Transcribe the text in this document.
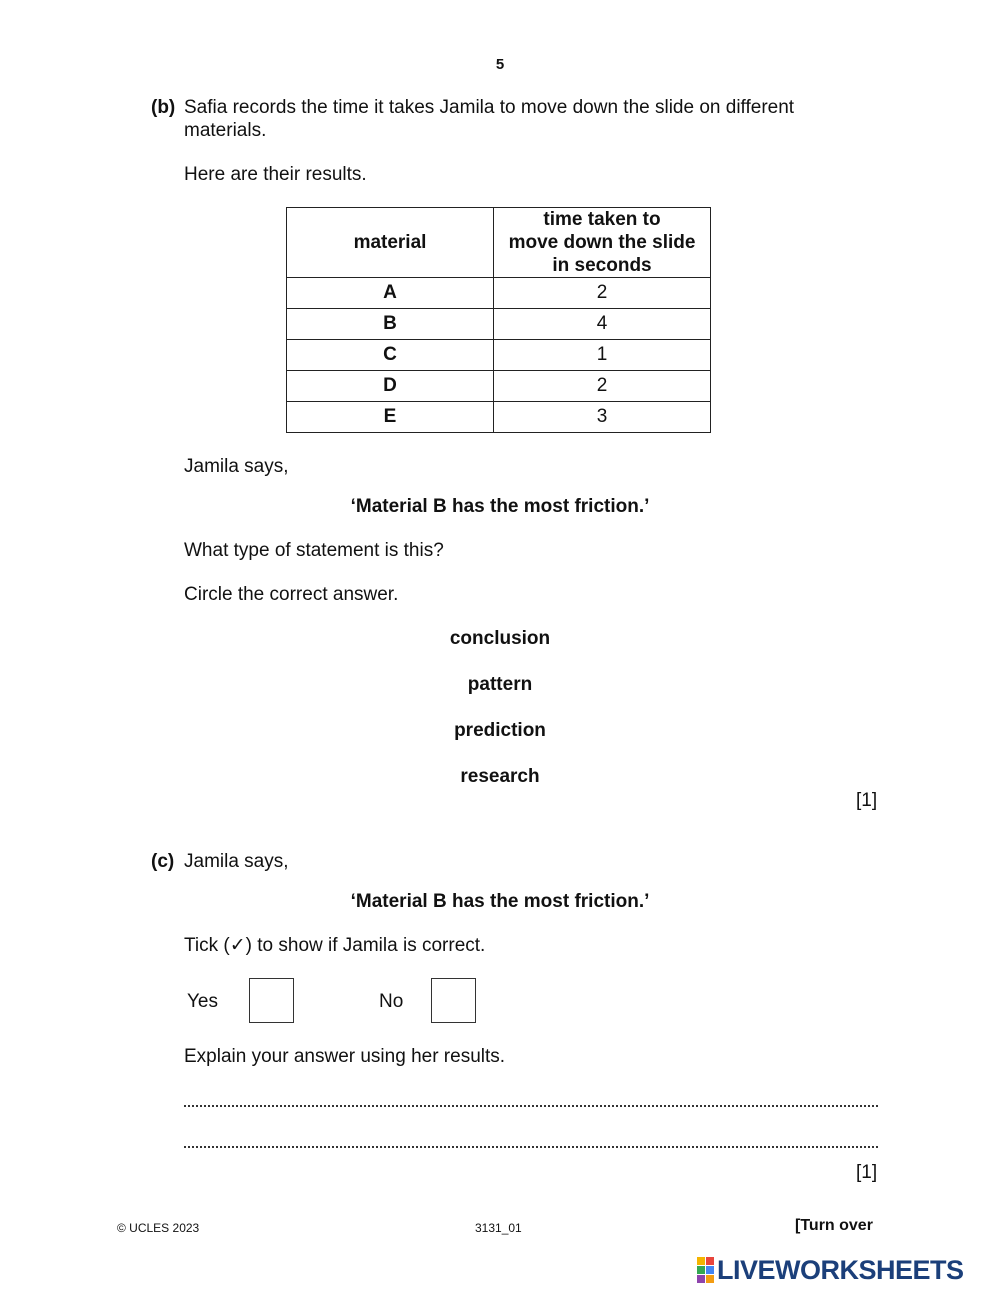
5
(b) Safia records the time it takes Jamila to move down the slide on different
materials.
Here are their results.
material	time taken to
move down the slide
in seconds

A	2
B	4
C	1
D	2
E	3
Jamila says,
‘Material B has the most friction.’
What type of statement is this?
Circle the correct answer.
conclusion
pattern
prediction
research
[1]
(c) Jamila says,
‘Material B has the most friction.’
Tick (✓) to show if Jamila is correct.
Yes	No
Explain your answer using her results.
[1]
© UCLES 2023	3131_01	[Turn over
LIVEWORKSHEETS
